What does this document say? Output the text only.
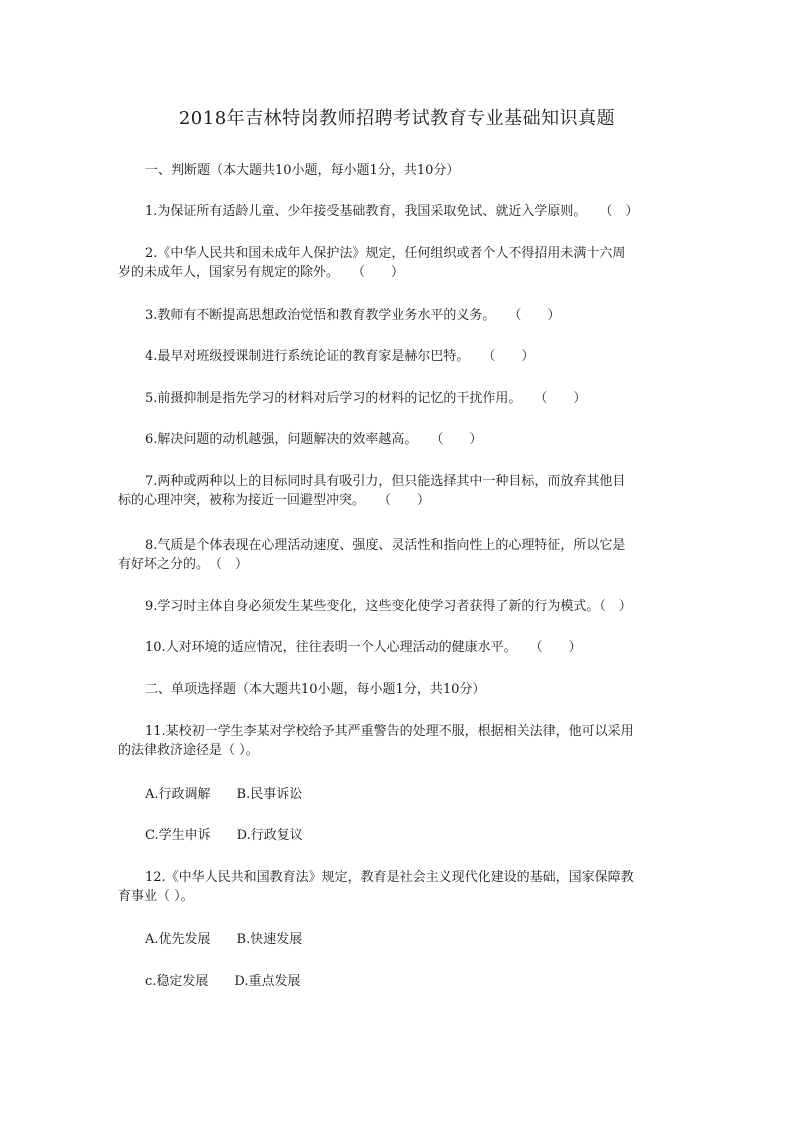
2018年吉林特岗教师招聘考试教育专业基础知识真题
一、判断题（本大题共10小题，每小题1分，共10分）
1.为保证所有适龄儿童、少年接受基础教育，我国采取免试、就近入学原则。　　（　）
2.《中华人民共和国未成年人保护法》规定，任何组织或者个人不得招用未满十六周
岁的未成年人，国家另有规定的除外。　　（　　）
3.教师有不断提高思想政治觉悟和教育教学业务水平的义务。　　（　　）
4.最早对班级授课制进行系统论证的教育家是赫尔巴特。　　（　　）
5.前摄抑制是指先学习的材料对后学习的材料的记忆的干扰作用。　　（　　）
6.解决问题的动机越强，问题解决的效率越高。　　（　　）
7.两种或两种以上的目标同时具有吸引力，但只能选择其中一种目标，而放弃其他目
标的心理冲突，被称为接近一回避型冲突。　　（　　）
8.气质是个体表现在心理活动速度、强度、灵活性和指向性上的心理特征，所以它是
有好坏之分的。　（　）
9.学习时主体自身必须发生某些变化，这些变化使学习者获得了新的行为模式。（　）
10.人对环境的适应情况，往往表明一个人心理活动的健康水平。　　（　　）
二、单项选择题（本大题共10小题，每小题1分，共10分）
11.某校初一学生李某对学校给予其严重警告的处理不服，根据相关法律，他可以采用
的法律救济途径是（ ）。
A.行政调解　　B.民事诉讼
C.学生申诉　　D.行政复议
12.《中华人民共和国教育法》规定，教育是社会主义现代化建设的基础，国家保障教
育事业（ ）。
A.优先发展　　B.快速发展
c.稳定发展　　D.重点发展
